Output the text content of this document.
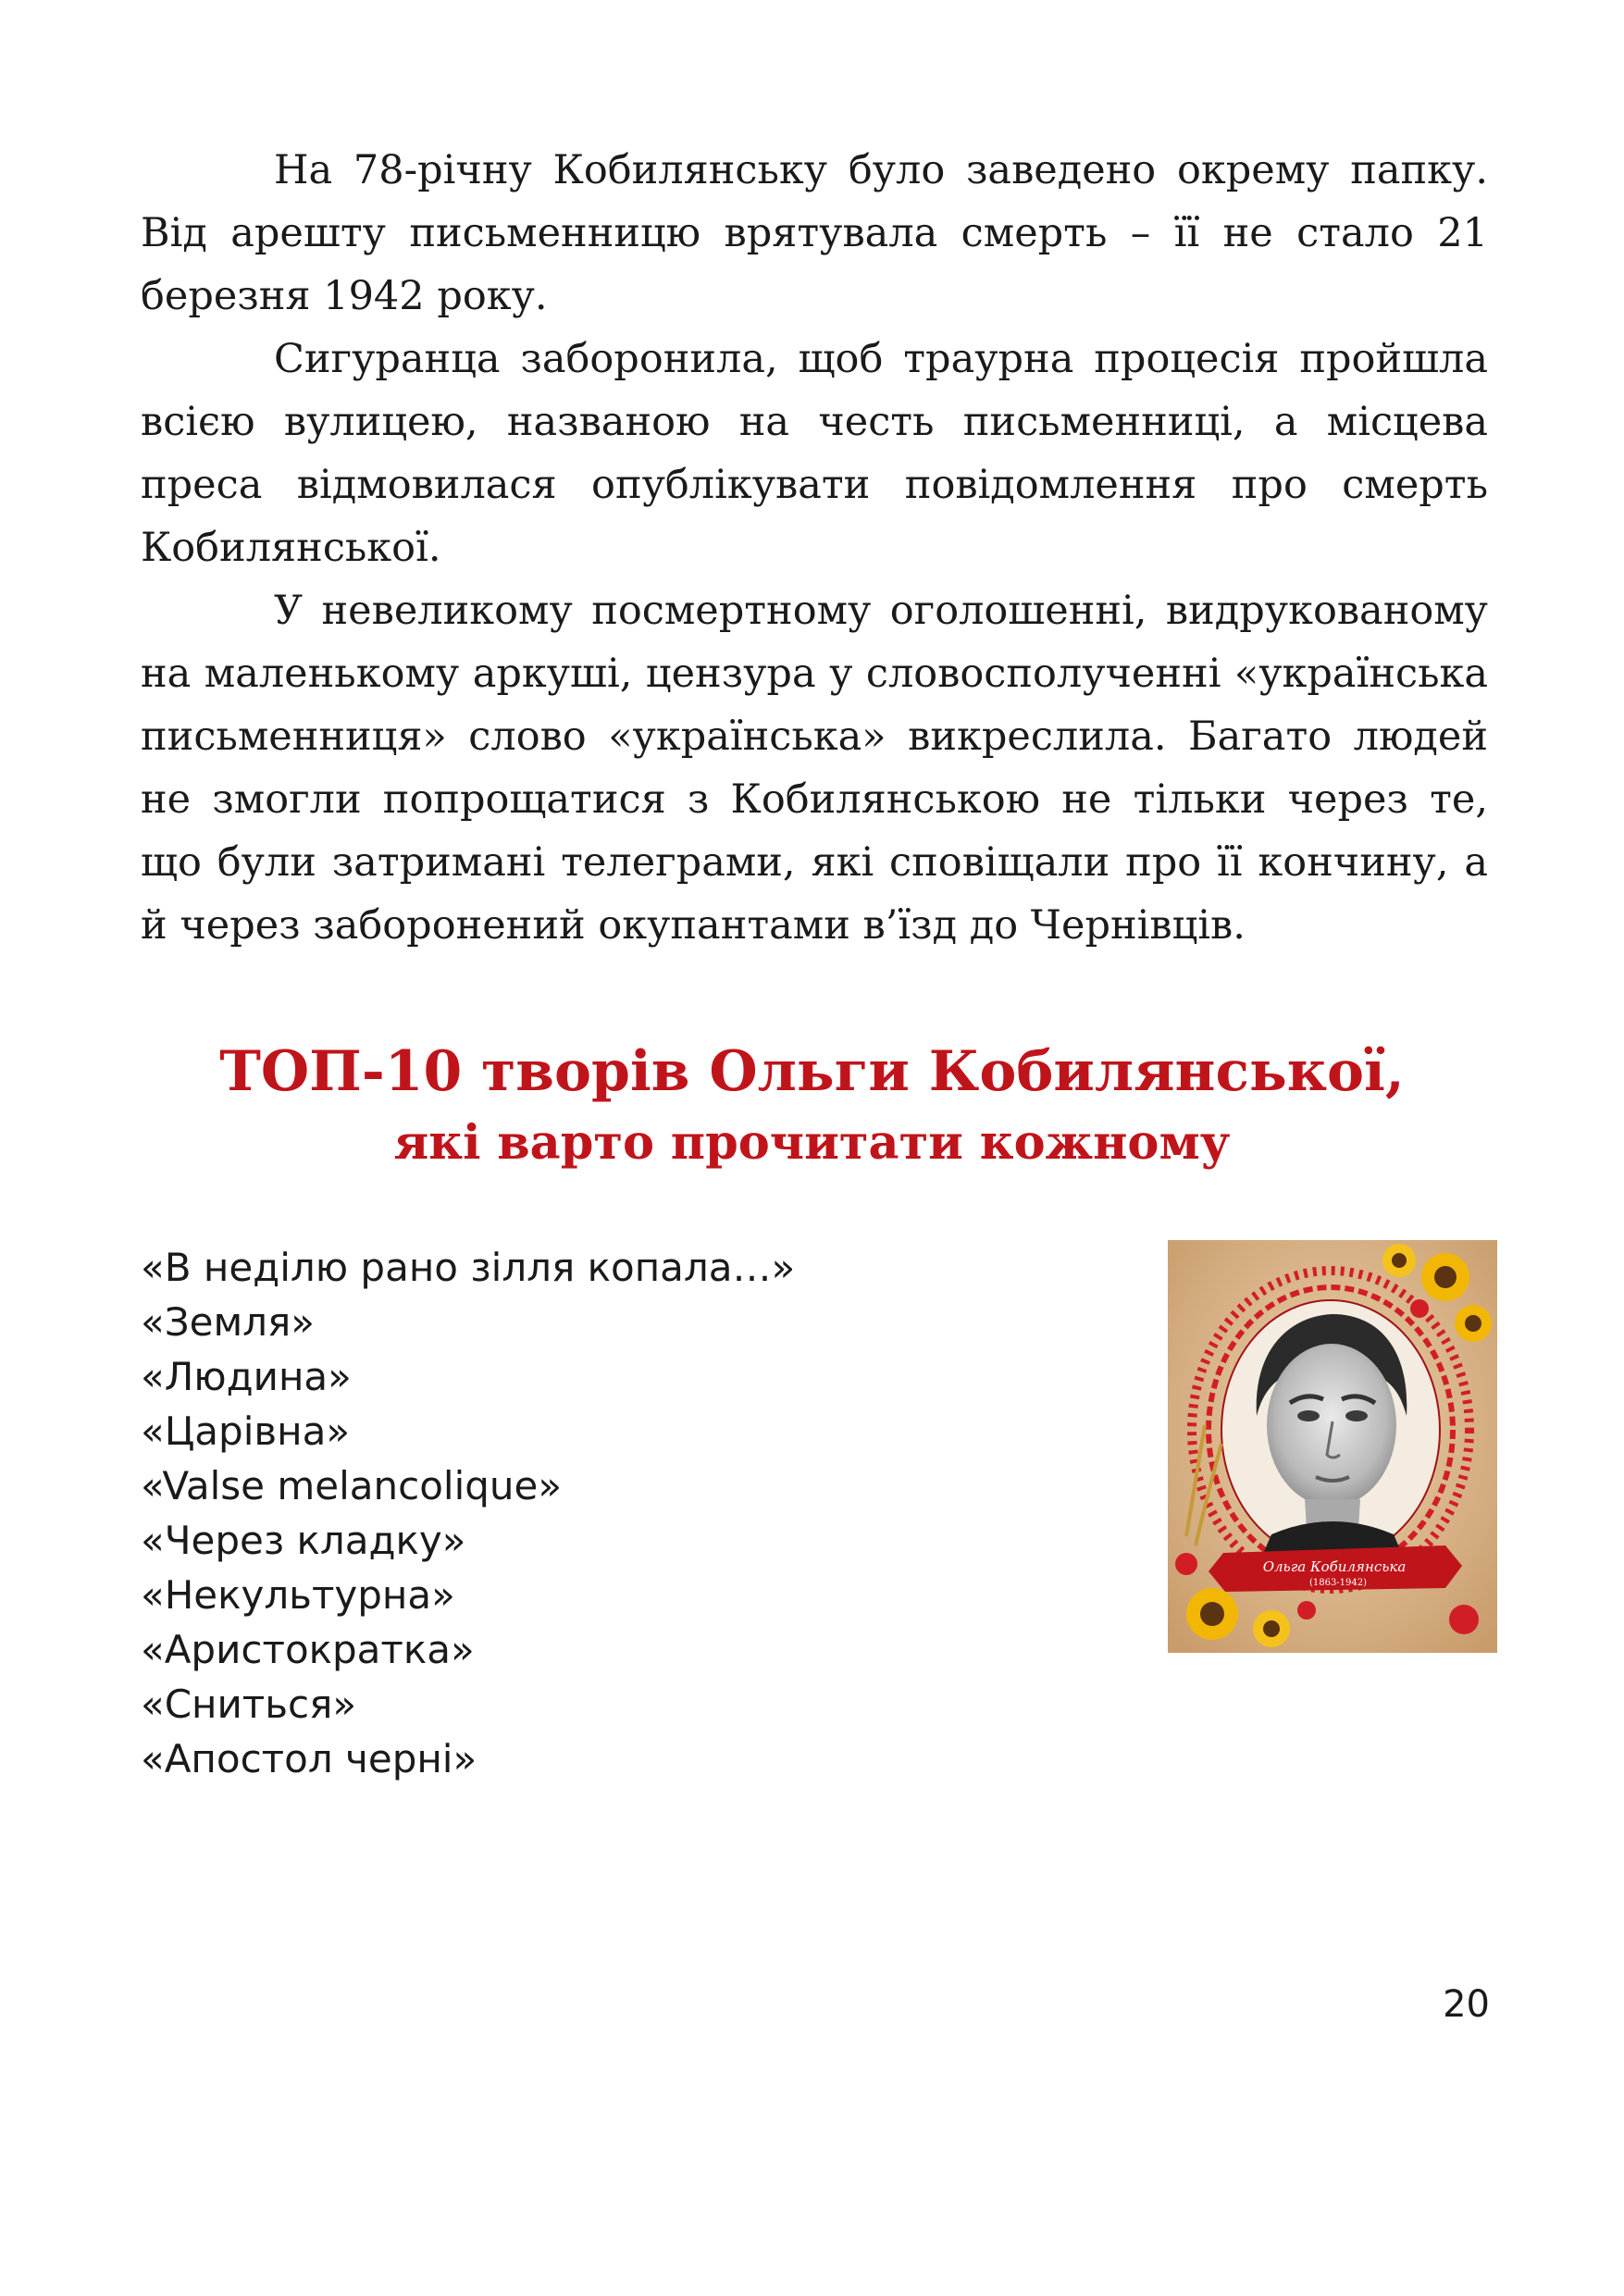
На 78-річну Кобилянську було заведено окрему папку. Від арешту письменницю врятувала смерть – її не стало 21 березня 1942 року.

Сигуранца заборонила, щоб траурна процесія пройшла всією вулицею, названою на честь письменниці, а місцева преса відмовилася опублікувати повідомлення про смерть Кобилянської.

У невеликому посмертному оголошенні, видрукованому на маленькому аркуші, цензура у словосполученні «українська письменниця» слово «українська» викреслила. Багато людей не змогли попрощатися з Кобилянською не тільки через те, що були затримані телеграми, які сповіщали про її кончину, а й через заборонений окупантами в’їзд до Чернівців.

ТОП-10 творів Ольги Кобилянської,
які варто прочитати кожному
«В неділю рано зілля копала…»
«Земля»
«Людина»
«Царівна»
«Valse melancolique»
«Через кладку»
«Некультурна»
«Аристократка»
«Сниться»
«Апостол черні»
Ольга Кобилянська
(1863-1942)
20
